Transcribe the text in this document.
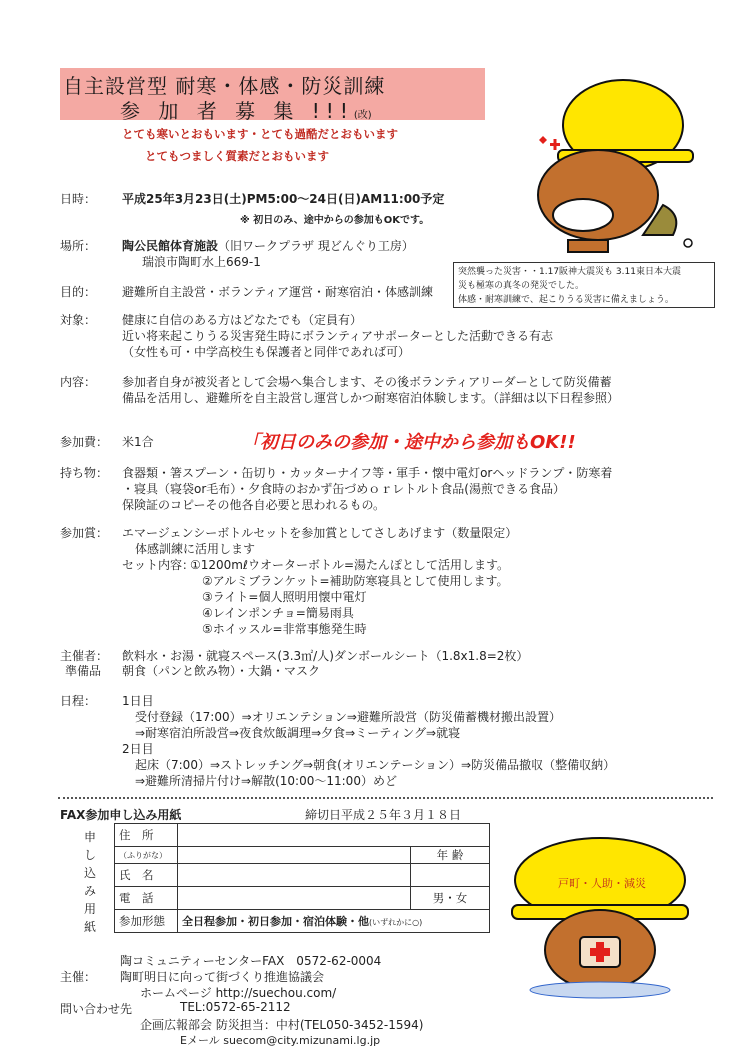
自主設営型 耐寒・体感・防災訓練
参 加 者 募 集 !!!(改)
とても寒いとおもいます・とても過酷だとおもいます
とてもつましく質素だとおもいます
日時： 平成25年3月23日(土)PM5:00～24日(日)AM11:00予定
※ 初日のみ、途中からの参加もOKです。
場所： 陶公民館体育施設（旧ワークプラザ 現どんぐり工房）
瑞浪市陶町水上669-1
突然襲った災害・・1.17阪神大震災も 3.11東日本大震
災も極寒の真冬の発災でした。
体感・耐寒訓練で、起こりうる災害に備えましょう。
目的： 避難所自主設営・ボランティア運営・耐寒宿泊・体感訓練
対象： 健康に自信のある方はどなたでも（定員有）
近い将来起こりうる災害発生時にボランティアサポーターとした活動できる有志
（女性も可・中学高校生も保護者と同伴であれば可）
内容： 参加者自身が被災者として会場へ集合します、その後ボランティアリーダーとして防災備蓄
備品を活用し、避難所を自主設営し運営しかつ耐寒宿泊体験します。（詳細は以下日程参照）
参加費： 米1合	「初日のみの参加・途中から参加もOK!!
持ち物： 食器類・箸スプーン・缶切り・カッターナイフ等・軍手・懐中電灯orヘッドランプ・防寒着
・寝具（寝袋or毛布）・夕食時のおかず缶づめｏｒレトルト食品(湯煎できる食品）
保険証のコピーその他各自必要と思われるもの。
参加賞： エマージェンシーボトルセットを参加賞としてさしあげます（数量限定）
体感訓練に活用します
セット内容：
①1200mℓウオーターボトル=湯たんぽとして活用します。
②アルミブランケット=補助防寒寝具として使用します。
③ライト=個人照明用懐中電灯
④レインポンチョ=簡易雨具
⑤ホイッスル=非常事態発生時
主催者：
準備品
飲料水・お湯・就寝スペース(3.3㎡/人)ダンボールシート（1.8x1.8=2枚）
朝食（パンと飲み物）・大鍋・マスク
日程： 1日目
受付登録（17:00）⇒オリエンテション⇒避難所設営（防災備蓄機材搬出設置）
⇒耐寒宿泊所設営⇒夜食炊飯調理⇒夕食⇒ミーティング⇒就寝
2日目
起床（7:00）⇒ストレッチング⇒朝食(オリエンテーション）⇒防災備品撤収（整備収納）
⇒避難所清掃片付け⇒解散(10:00～11:00）めど
FAX参加申し込み用紙	締切日平成２５年３月１８日
申
し
込
み
用
紙
住　所		
（ふりがな）		年 齢
氏　名		
電　話		男・女
参加形態	全日程参加・初日参加・宿泊体験・他(いずれかに○)	
陶コミュニティーセンターFAX　0572-62-0004
主催： 陶町明日に向って街づくり推進協議会
ホームページ http://suechou.com/
問い合わせ先	TEL:0572-65-2112
企画広報部会 防災担当：中村(TEL050-3452-1594)
Eメール suecom@city.mizunami.lg.jp
戸町・人助・減災
